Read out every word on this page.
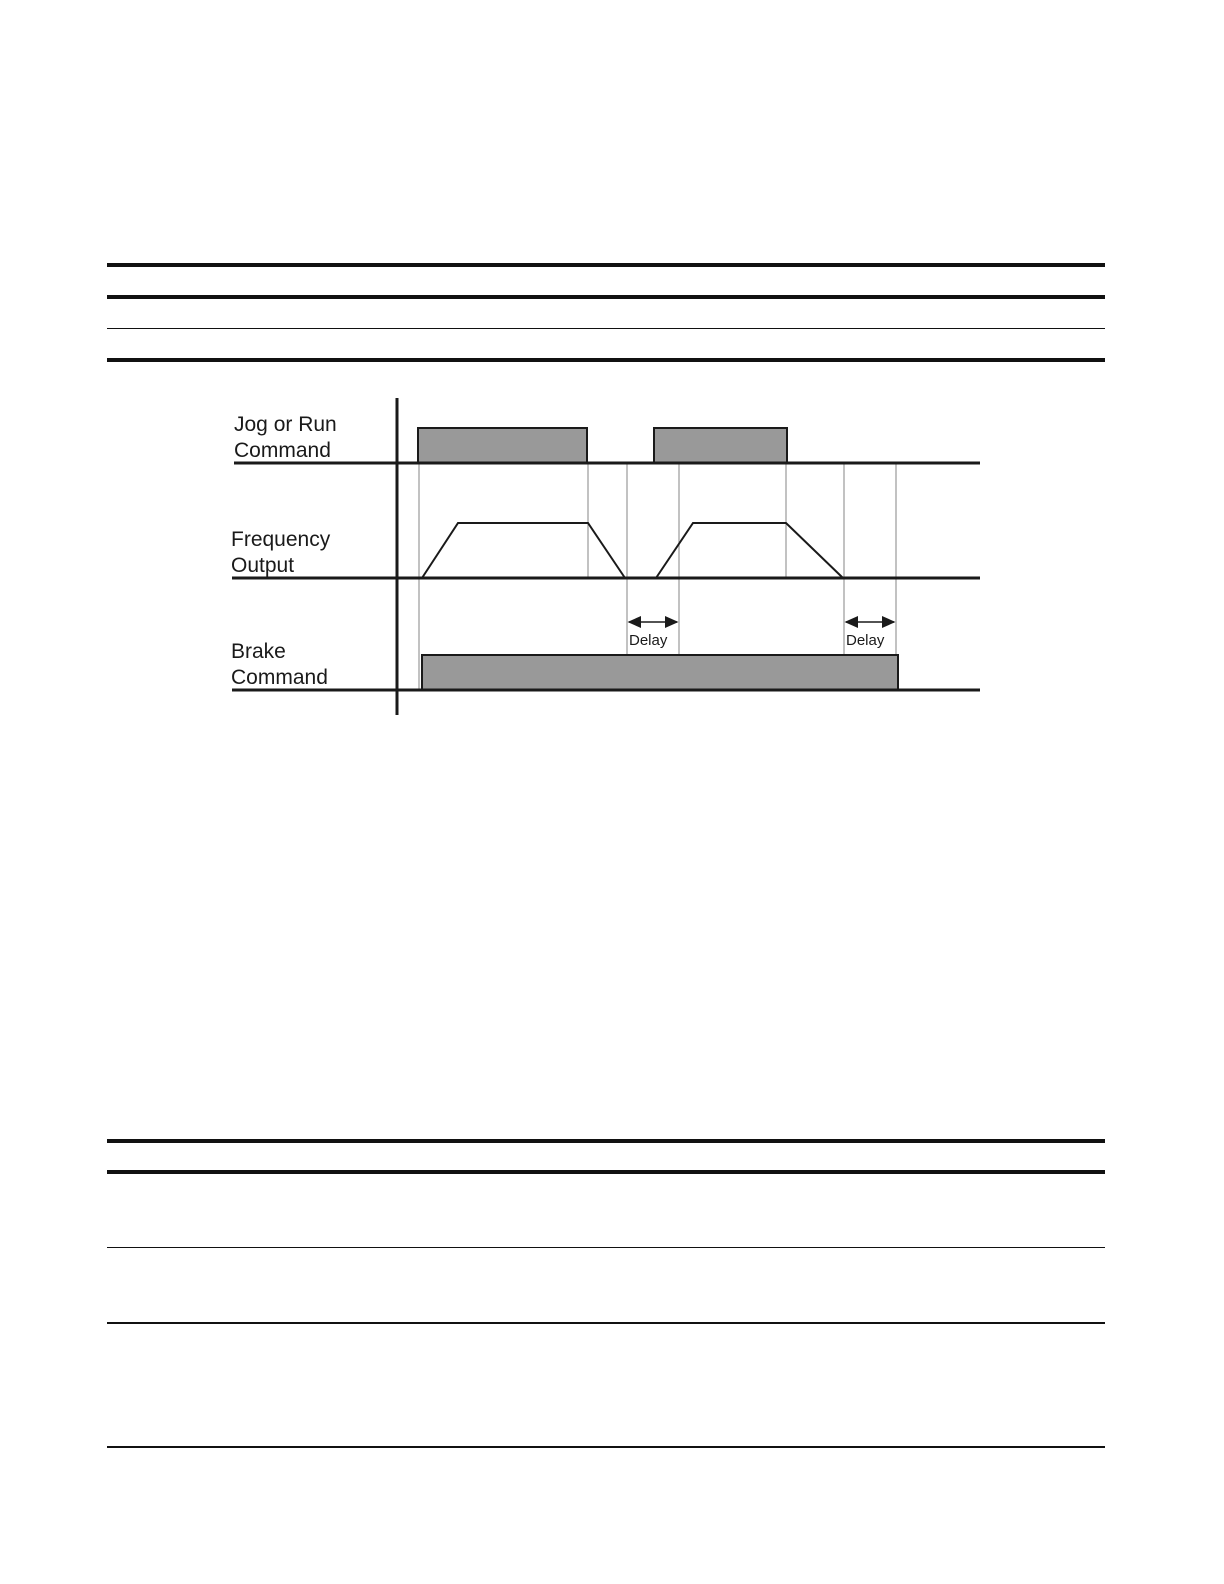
Jog or Run
Command
Frequency
Output
Brake
Command
Delay	Delay
